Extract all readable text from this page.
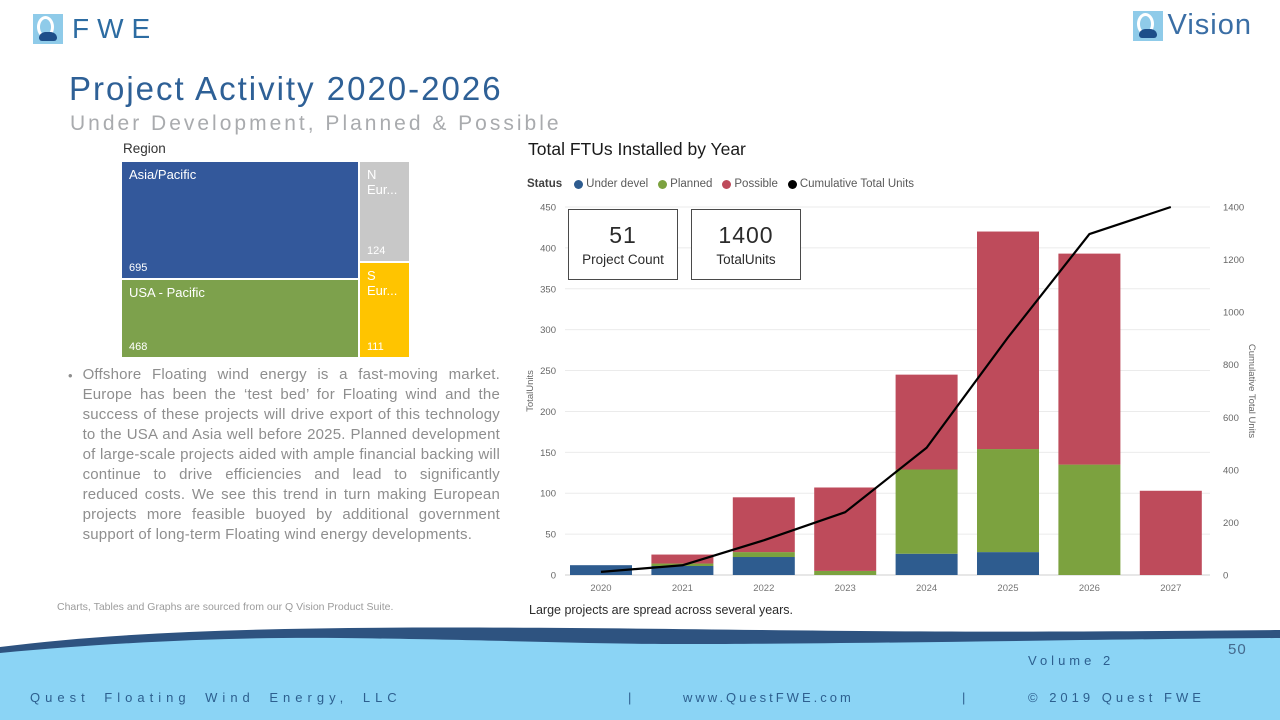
FWE	Vision
Project Activity 2020-2026
Under Development, Planned & Possible
Region
Asia/Pacific
695
USA - Pacific
468
N Eur...
124
S Eur...
111
• Offshore Floating wind energy is a fast-moving market. Europe has been the ‘test bed’ for Floating wind and the success of these projects will drive export of this technology to the USA and Asia well before 2025. Planned development of large-scale projects aided with ample financial backing will continue to drive efficiencies and lead to significantly reduced costs. We see this trend in turn making European projects more feasible buoyed by additional government support of long-term Floating wind energy developments.
Charts, Tables and Graphs are sourced from our Q Vision Product Suite.
Total FTUs Installed by Year
Status Under devel Planned Possible Cumulative Total Units
0
50
100
150
200
250
300
350
400
450
0
200
400
600
800
1000
1200
1400
TotalUnits	Cumulative Total Units
2020	2021	2022	2023	2024	2025	2026	2027
51
Project Count
1400
TotalUnits
Large projects are spread across several years.
Quest Floating Wind Energy, LLC	|	www.QuestFWE.com	|	© 2019 Quest FWE
Volume 2
50
